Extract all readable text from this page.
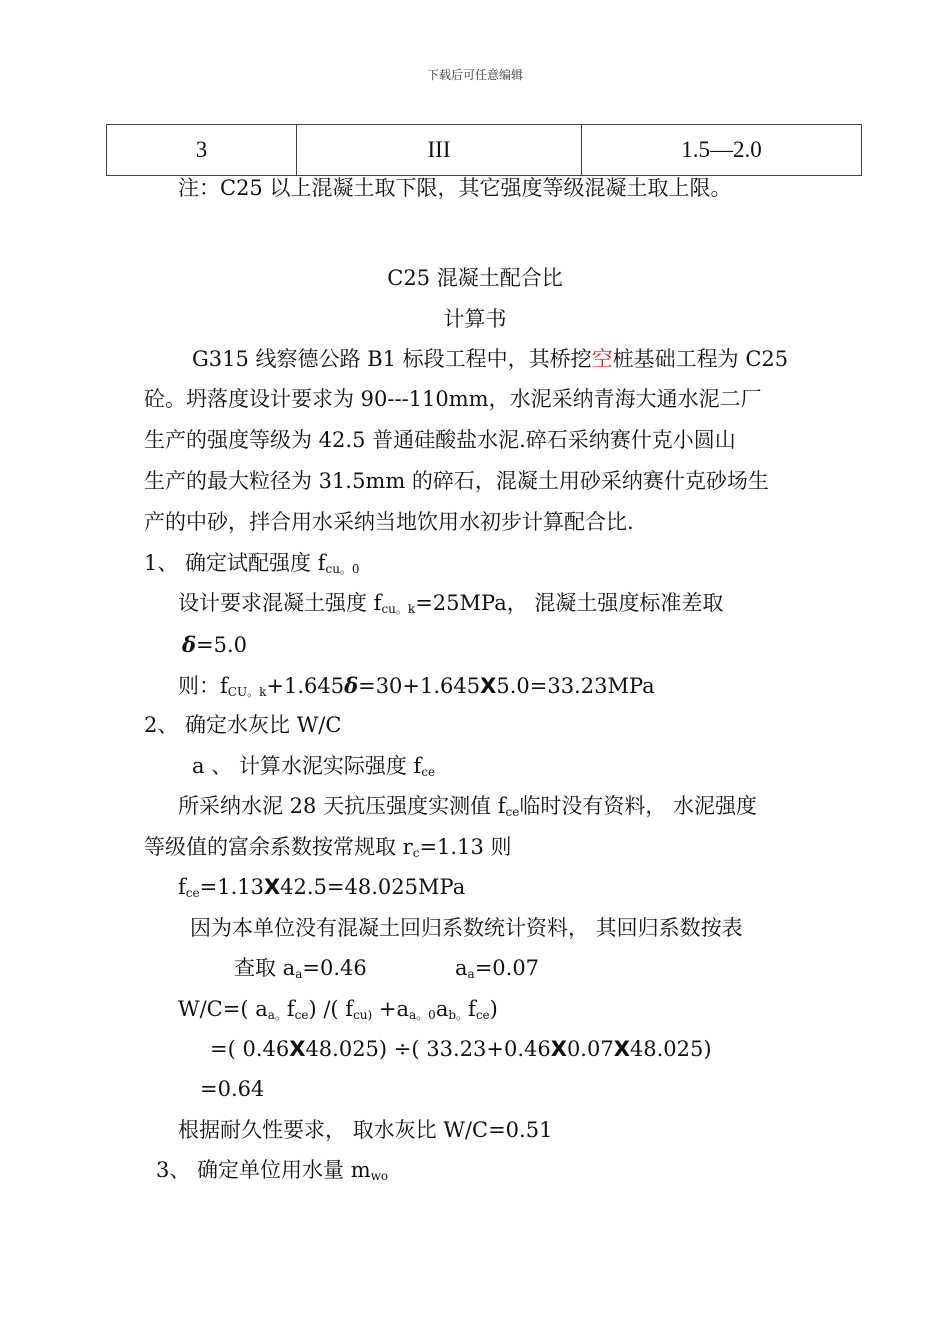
下载后可任意编辑
3	III	1.5—2.0
注：C25 以上混凝土取下限，其它强度等级混凝土取上限。
C25 混凝土配合比
计算书
G315 线察德公路 B1 标段工程中，其桥挖空桩基础工程为 C25
砼。坍落度设计要求为 90---110mm，水泥采纳青海大通水泥二厂
生产的强度等级为 42.5 普通硅酸盐水泥.碎石采纳赛什克小圆山
生产的最大粒径为 31.5mm 的碎石，混凝土用砂采纳赛什克砂场生
产的中砂，拌合用水采纳当地饮用水初步计算配合比.
1、 确定试配强度 $f_{cu。0}$
设计要求混凝土强度 $f_{cu。k}=25MPa$， 混凝土强度标准差取
δ=5.0
则：$f_{CU。k}+1.645\delta=30+1.645X5.0=33.23MPa$
2、 确定水灰比 W/C
a 、 计算水泥实际强度 $f_{ce}$
所采纳水泥 28 天抗压强度实测值 $f_{ce}$临时没有资料， 水泥强度
等级值的富余系数按常规取 $r_c=1.13$ 则
$f_{ce}=1.13X42.5=48.025MPa$
因为本单位没有混凝土回归系数统计资料， 其回归系数按表
查取 $a_a=0.46$	$a_a=0.07$
W/C=( $a_{a。}f_{ce}$) /( $f_{cu)} +a_{a。0}a_{b。}f_{ce}$)
=( 0.46X48.025) ÷( 33.23+0.46X0.07X48.025)
=0.64
根据耐久性要求， 取水灰比 W/C=0.51
3、 确定单位用水量 $m_{wo}$
